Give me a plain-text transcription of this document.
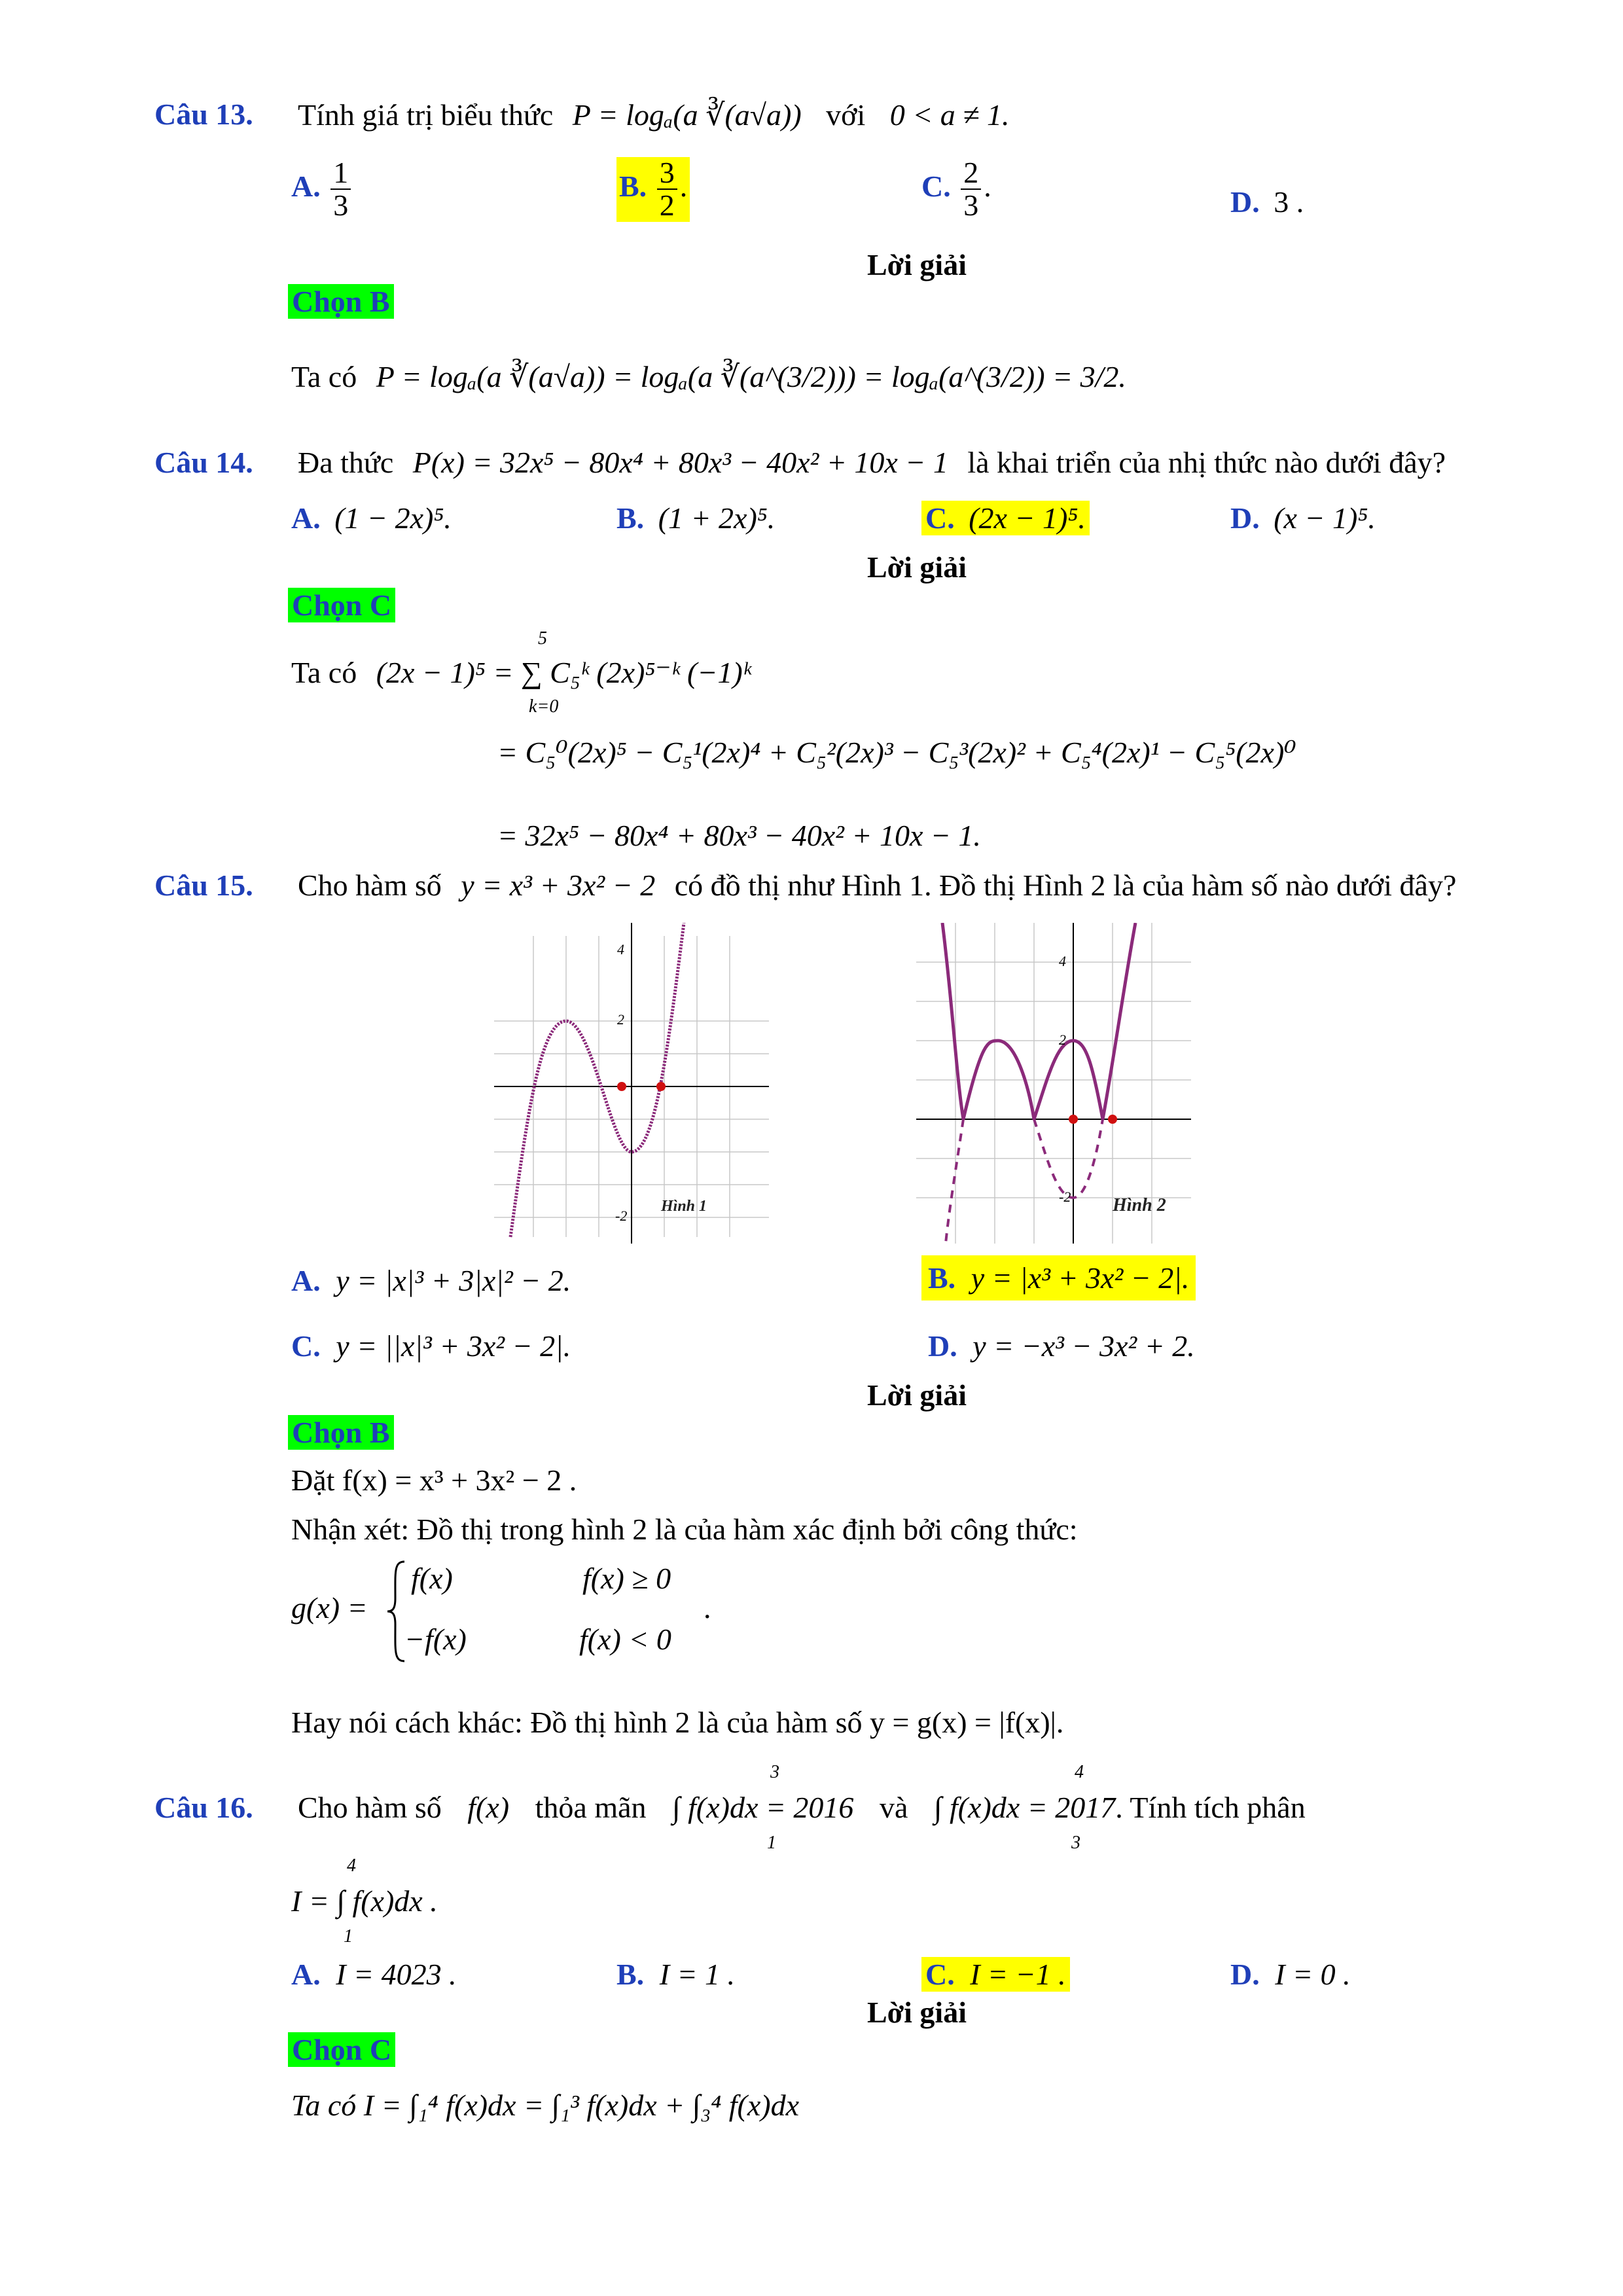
Câu 13. Tính giá trị biểu thức P = logₐ(a ∛(a√a)) với 0 < a ≠ 1.
A. $\frac{1}{3}$	B. $\frac{3}{2}$ .	C. $\frac{2}{3}$ .	D. 3 .
Lời giải
Chọn B
Ta có P = logₐ(a ∛(a√a)) = logₐ(a ∛(a^(3/2))) = logₐ(a^(3/2)) = 3/2.
Câu 14. Đa thức P(x) = 32x⁵ − 80x⁴ + 80x³ − 40x² + 10x − 1 là khai triển của nhị thức nào dưới đây?
A. (1 − 2x)⁵.	B. (1 + 2x)⁵.	C. (2x − 1)⁵.	D. (x − 1)⁵.
Lời giải
Chọn C
Ta có (2x − 1)⁵ = ∑ C₅ᵏ (2x)⁵⁻ᵏ (−1)ᵏ
5
k=0
= C₅⁰(2x)⁵ − C₅¹(2x)⁴ + C₅²(2x)³ − C₅³(2x)² + C₅⁴(2x)¹ − C₅⁵(2x)⁰
= 32x⁵ − 80x⁴ + 80x³ − 40x² + 10x − 1.
Câu 15. Cho hàm số y = x³ + 3x² − 2 có đồ thị như Hình 1. Đồ thị Hình 2 là của hàm số nào dưới đây?
4
2
-2
Hình 1
4
2
-2 Hình 2
A. y = |x|³ + 3|x|² − 2.	B. y = |x³ + 3x² − 2|.
C. y = ||x|³ + 3x² − 2|.	D. y = −x³ − 3x² + 2.
Lời giải
Chọn B
Đặt f(x) = x³ + 3x² − 2 .
Nhận xét: Đồ thị trong hình 2 là của hàm xác định bởi công thức:
g(x) =
f(x)	f(x) ≥ 0
−f(x)	f(x) < 0
.
Hay nói cách khác: Đồ thị hình 2 là của hàm số y = g(x) = |f(x)|.
Câu 16. Cho hàm số f(x) thỏa mãn ∫ f(x)dx = 2016 và ∫ f(x)dx = 2017. Tính tích phân
3
1
4
3
I = ∫ f(x)dx .
4
1
A. I = 4023 .	B. I = 1 .	C. I = −1 .	D. I = 0 .
Lời giải
Chọn C
Ta có I = ∫₁⁴ f(x)dx = ∫₁³ f(x)dx + ∫₃⁴ f(x)dx
